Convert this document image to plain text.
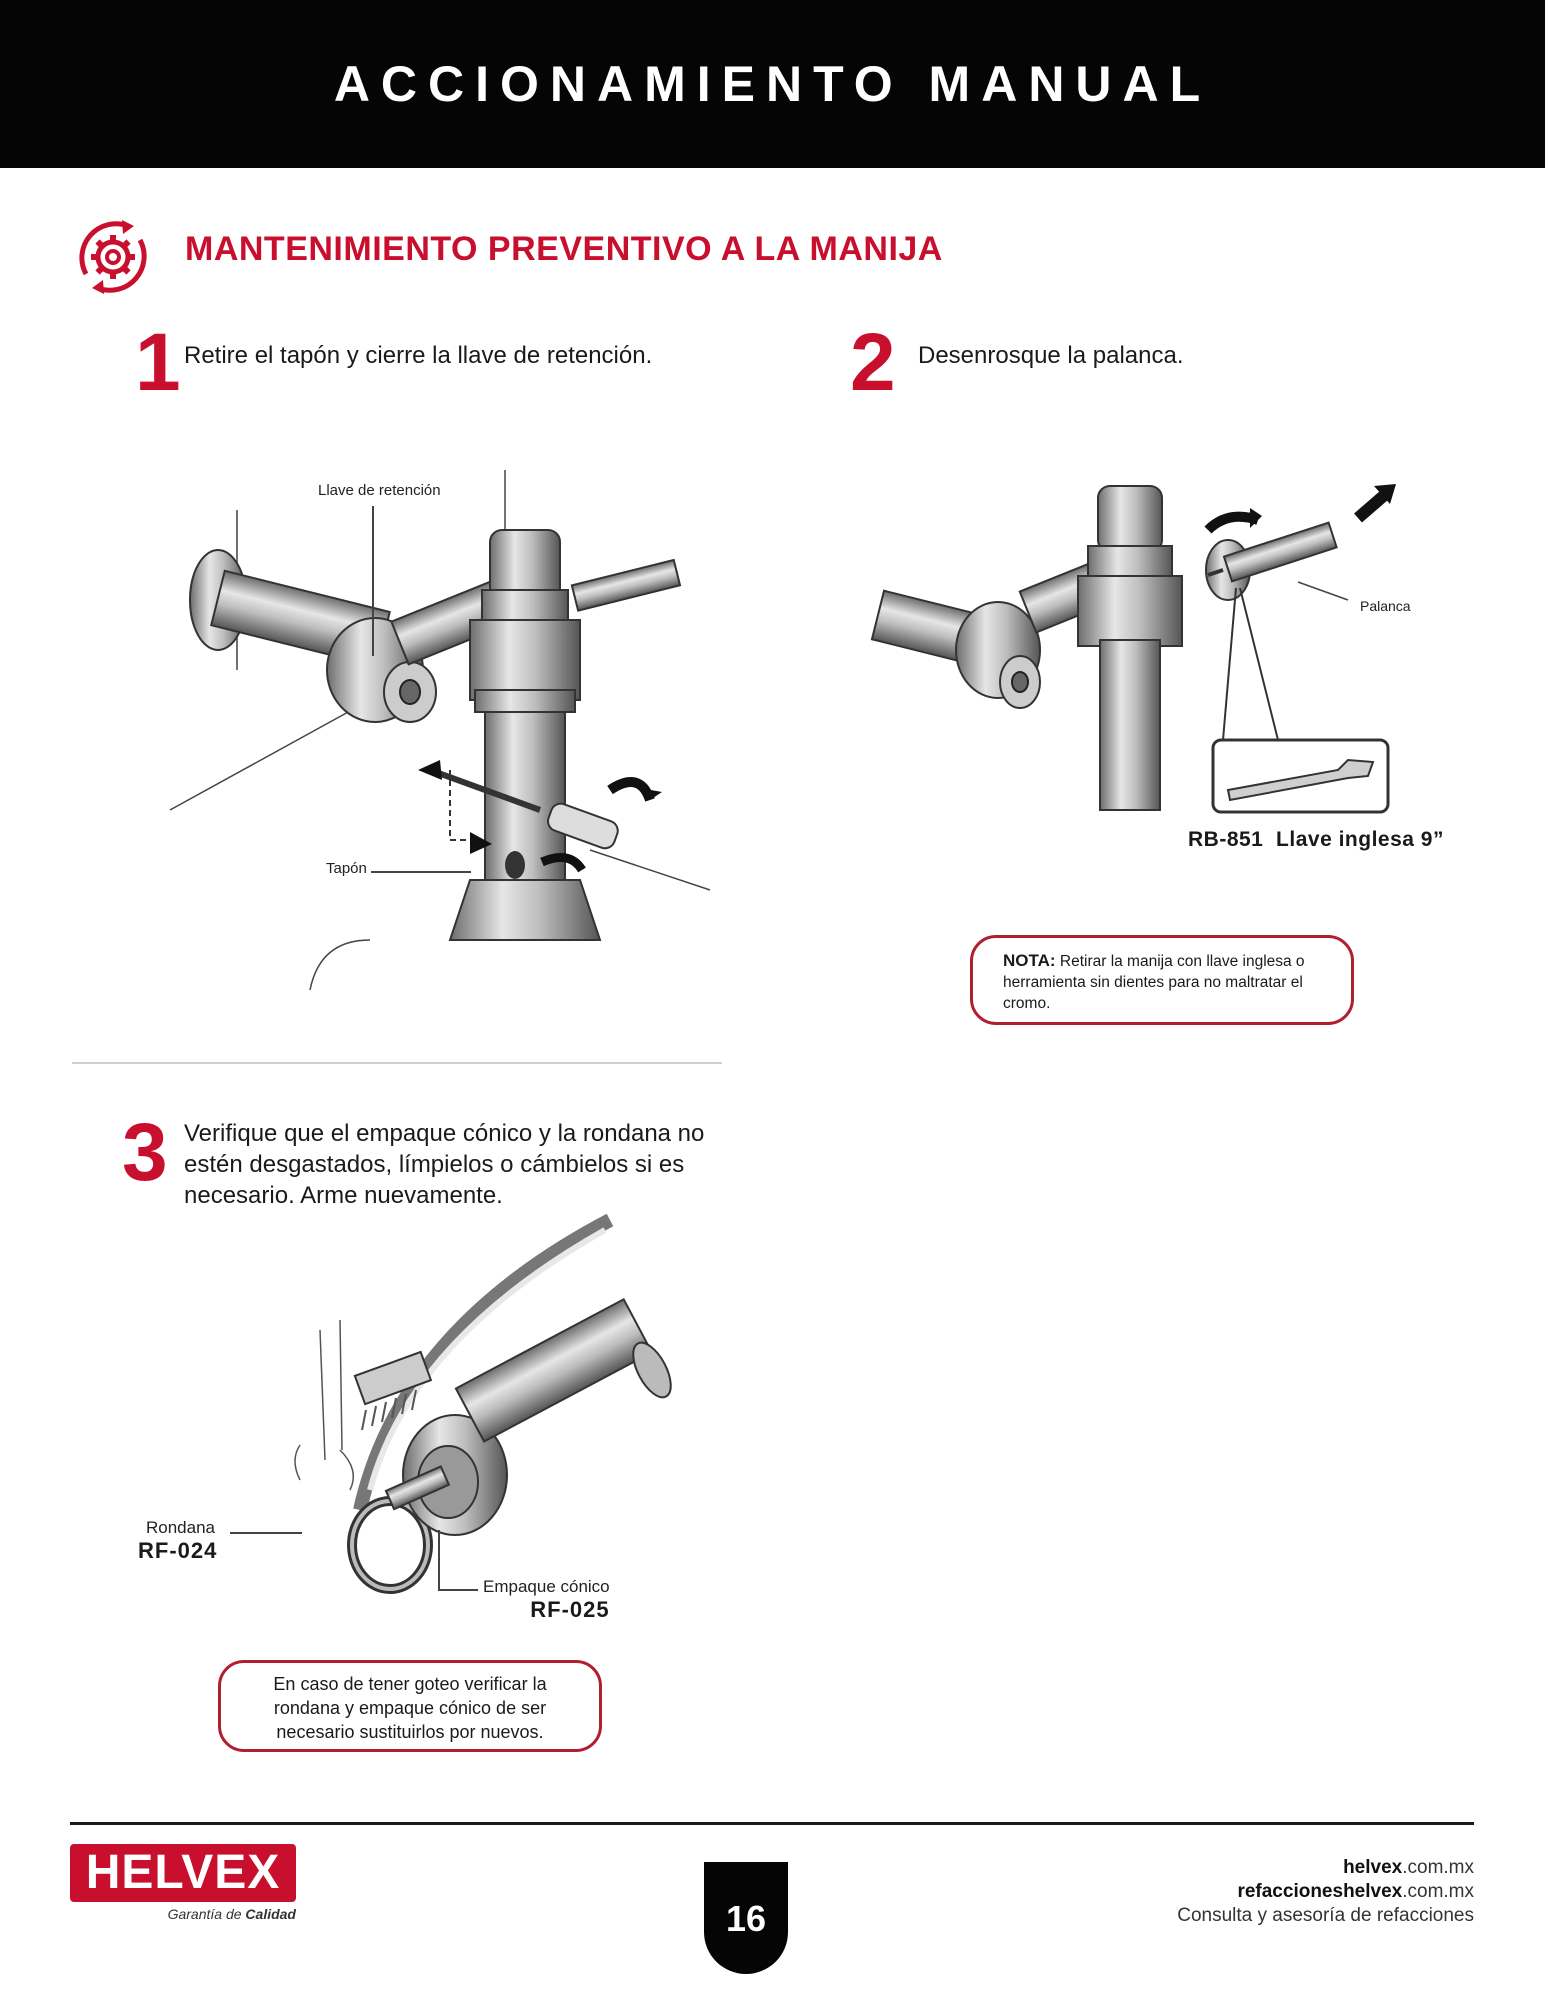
ACCIONAMIENTO MANUAL
MANTENIMIENTO PREVENTIVO A LA MANIJA
1 Retire el tapón y cierre la llave de retención.	2 Desenrosque la palanca.
Llave de retención
Tapón
Palanca
RB-851 Llave inglesa 9”
NOTA: Retirar la manija con llave inglesa o herramienta sin dientes para no maltratar el cromo.
3 Verifique que el empaque cónico y la rondana no estén desgastados, límpielos o cámbielos si es necesario. Arme nuevamente.
Rondana
RF-024
Empaque cónico
RF-025
En caso de tener goteo verificar la rondana y empaque cónico de ser necesario sustituirlos por nuevos.
HELVEX
Garantía de Calidad	16
helvex.com.mx
refaccioneshelvex.com.mx
Consulta y asesoría de refacciones
